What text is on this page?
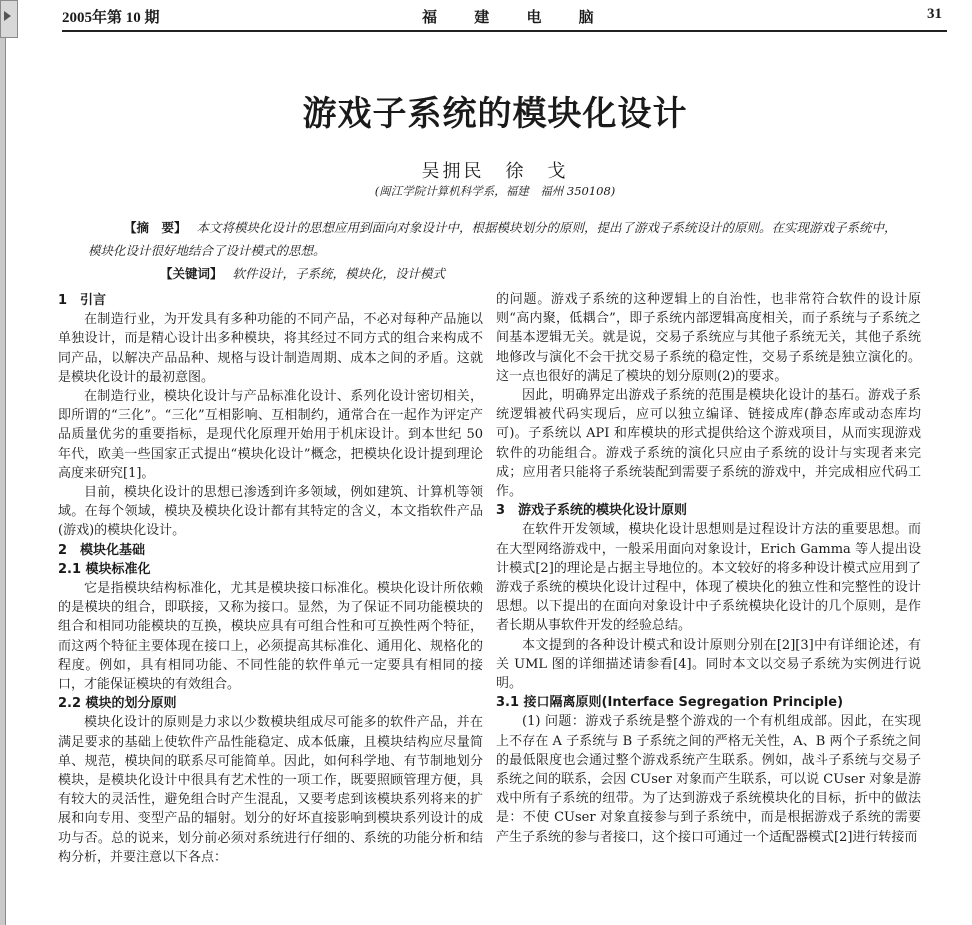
2005年第 10 期	福 建 电 脑	31
游戏子系统的模块化设计
吴拥民　徐　戈
(闽江学院计算机科学系，福建　福州 350108)

【摘　要】 本文将模块化设计的思想应用到面向对象设计中，根据模块划分的原则，提出了游戏子系统设计的原则。在实现游戏子系统中，模块化设计很好地结合了设计模式的思想。

【关键词】 软件设计，子系统，模块化，设计模式

1　引言

在制造行业，为开发具有多种功能的不同产品，不必对每种产品施以单独设计，而是精心设计出多种模块，将其经过不同方式的组合来构成不同产品，以解决产品品种、规格与设计制造周期、成本之间的矛盾。这就是模块化设计的最初意图。

在制造行业，模块化设计与产品标准化设计、系列化设计密切相关，即所谓的“三化”。“三化”互相影响、互相制约，通常合在一起作为评定产品质量优劣的重要指标，是现代化原理开始用于机床设计。到本世纪 50 年代，欧美一些国家正式提出“模块化设计”概念，把模块化设计提到理论高度来研究[1]。

目前，模块化设计的思想已渗透到许多领域，例如建筑、计算机等领域。在每个领域，模块及模块化设计都有其特定的含义，本文指软件产品(游戏)的模块化设计。

2　模块化基础
2.1 模块标准化

它是指模块结构标准化，尤其是模块接口标准化。模块化设计所依赖的是模块的组合，即联接，又称为接口。显然，为了保证不同功能模块的组合和相同功能模块的互换，模块应具有可组合性和可互换性两个特征，而这两个特征主要体现在接口上，必须提高其标准化、通用化、规格化的程度。例如，具有相同功能、不同性能的软件单元一定要具有相同的接口，才能保证模块的有效组合。

2.2 模块的划分原则

模块化设计的原则是力求以少数模块组成尽可能多的软件产品，并在满足要求的基础上使软件产品性能稳定、成本低廉，且模块结构应尽量简单、规范，模块间的联系尽可能简单。因此，如何科学地、有节制地划分模块，是模块化设计中很具有艺术性的一项工作，既要照顾管理方便，具有较大的灵活性，避免组合时产生混乱，又要考虑到该模块系列将来的扩展和向专用、变型产品的辐射。划分的好坏直接影响到模块系列设计的成功与否。总的说来，划分前必须对系统进行仔细的、系统的功能分析和结构分析，并要注意以下各点：

的问题。游戏子系统的这种逻辑上的自治性，也非常符合软件的设计原则“高内聚，低耦合”，即子系统内部逻辑高度相关，而子系统与子系统之间基本逻辑无关。就是说，交易子系统应与其他子系统无关，其他子系统地修改与演化不会干扰交易子系统的稳定性，交易子系统是独立演化的。这一点也很好的满足了模块的划分原则(2)的要求。

因此，明确界定出游戏子系统的范围是模块化设计的基石。游戏子系统逻辑被代码实现后，应可以独立编译、链接成库(静态库或动态库均可)。子系统以 API 和库模块的形式提供给这个游戏项目，从而实现游戏软件的功能组合。游戏子系统的演化只应由子系统的设计与实现者来完成；应用者只能将子系统装配到需要子系统的游戏中，并完成相应代码工作。

3　游戏子系统的模块化设计原则

在软件开发领域，模块化设计思想则是过程设计方法的重要思想。而在大型网络游戏中，一般采用面向对象设计，Erich Gamma 等人提出设计模式[2]的理论是占据主导地位的。本文较好的将多种设计模式应用到了游戏子系统的模块化设计过程中，体现了模块化的独立性和完整性的设计思想。以下提出的在面向对象设计中子系统模块化设计的几个原则，是作者长期从事软件开发的经验总结。

本文提到的各种设计模式和设计原则分别在[2][3]中有详细论述，有关 UML 图的详细描述请参看[4]。同时本文以交易子系统为实例进行说明。

3.1 接口隔离原则(Interface Segregation Principle)

(1) 问题：游戏子系统是整个游戏的一个有机组成部。因此，在实现上不存在 A 子系统与 B 子系统之间的严格无关性，A、B 两个子系统之间的最低限度也会通过整个游戏系统产生联系。例如，战斗子系统与交易子系统之间的联系，会因 CUser 对象而产生联系，可以说 CUser 对象是游戏中所有子系统的纽带。为了达到游戏子系统模块化的目标，折中的做法是：不使 CUser 对象直接参与到子系统中，而是根据游戏子系统的需要产生子系统的参与者接口，这个接口可通过一个适配器模式[2]进行转接而
